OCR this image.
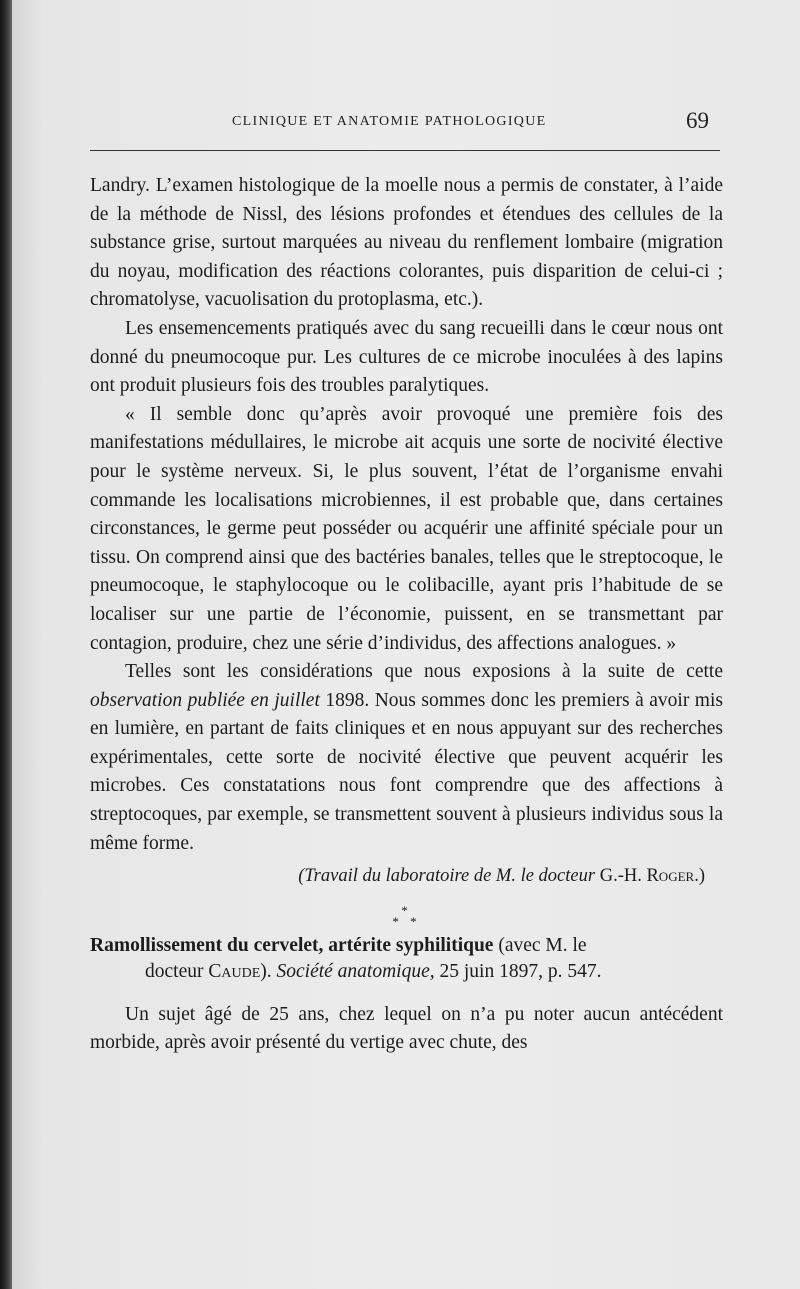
CLINIQUE ET ANATOMIE PATHOLOGIQUE	69

Landry. L’examen histologique de la moelle nous a permis de constater, à l’aide de la méthode de Nissl, des lésions profondes et étendues des cellules de la substance grise, surtout marquées au niveau du renflement lombaire (migration du noyau, modification des réactions colorantes, puis disparition de celui-ci ; chromatolyse, vacuolisation du protoplasma, etc.).

Les ensemencements pratiqués avec du sang recueilli dans le cœur nous ont donné du pneumocoque pur. Les cultures de ce microbe inoculées à des lapins ont produit plusieurs fois des troubles paralytiques.

« Il semble donc qu’après avoir provoqué une première fois des manifestations médullaires, le microbe ait acquis une sorte de nocivité élective pour le système nerveux. Si, le plus souvent, l’état de l’organisme envahi commande les localisations microbiennes, il est probable que, dans certaines circonstances, le germe peut posséder ou acquérir une affinité spéciale pour un tissu. On comprend ainsi que des bactéries banales, telles que le streptocoque, le pneumocoque, le staphylocoque ou le colibacille, ayant pris l’habitude de se localiser sur une partie de l’économie, puissent, en se transmettant par contagion, produire, chez une série d’individus, des affections analogues. »

Telles sont les considérations que nous exposions à la suite de cette observation publiée en juillet 1898. Nous sommes donc les premiers à avoir mis en lumière, en partant de faits cliniques et en nous appuyant sur des recherches expérimentales, cette sorte de nocivité élective que peuvent acquérir les microbes. Ces constatations nous font comprendre que des affections à streptocoques, par exemple, se transmettent souvent à plusieurs individus sous la même forme.

(Travail du laboratoire de M. le docteur G.-H. Roger.)

*
* *

Ramollissement du cervelet, artérite syphilitique (avec M. le
docteur Caude). Société anatomique, 25 juin 1897, p. 547.

Un sujet âgé de 25 ans, chez lequel on n’a pu noter aucun antécédent morbide, après avoir présenté du vertige avec chute, des
